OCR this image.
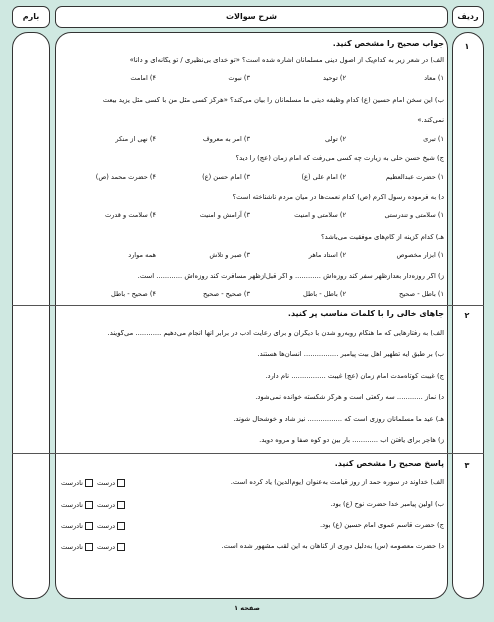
ردیف
شرح سوالات
بارم
۱
جواب صحیح را مشخص کنید.
الف) در شعر زیر به کدام‌یک از اصول دینی مسلمانان اشاره شده است؟ «تو خدای بی‌نظیری / تو یگانه‌ای و دانا»
۱) معاد
۲) توحید
۳) نبوت
۴) امامت
ب) این سخن امام حسین (ع) کدام وظیفه دینی ما مسلمانان را بیان می‌کند؟ «هرگز کسی مثل من با کسی مثل یزید بیعت
نمی‌کند.»
۱) تبری
۲) تولی
۳) امر به معروف
۴) نهی از منکر
ج) شیخ حسن حلی به زیارت چه کسی می‌رفت که امام زمان (عج) را دید؟
۱) حضرت عبدالعظیم
۲) امام علی (ع)
۳) امام حسن (ع)
۴) حضرت محمد (ص)
د) به فرموده رسول اکرم (ص) کدام نعمت‌ها در میان مردم ناشناخته است؟
۱) سلامتی و تندرستی
۲) سلامتی و امنیت
۳) آرامش و امنیت
۴) سلامت و قدرت
هـ) کدام گزینه از گام‌های موفقیت می‌باشد؟
۱) ابزار مخصوص
۲) استاد ماهر
۳) صبر و تلاش
همه موارد
ز) اگر روزه‌دار بعدازظهر سفر کند روزه‌اش ............ و اگر قبل‌ازظهر مسافرت کند روزه‌اش ............ است.
۱) باطل - صحیح
۲) باطل - باطل
۳) صحیح - صحیح
۴) صحیح - باطل
۲
جاهای خالی را با کلمات مناسب پر کنید.
الف) به رفتارهایی که ما هنگام روبه‌رو شدن با دیگران و برای رعایت ادب در برابر آنها انجام می‌دهیم ............ می‌گویند.
ب) بر طبق آیه تطهیر اهل بیت پیامبر ................ انسان‌ها هستند.
ج) غیبت کوتاه‌مدت امام زمان (عج) غیبت ................ نام دارد.
د) نماز ............ سه رکعتی است و هرگز شکسته خوانده نمی‌شود.
هـ) عید ما مسلمانان روزی است که ................ نیز شاد و خوشحال شوند.
ز) هاجر برای یافتن آب ............ بار بین دو کوه صفا و مروه دوید.
۳
پاسخ صحیح را مشخص کنید.
الف) خداوند در سوره حمد از روز قیامت به‌عنوان (یوم‌الدین) یاد کرده است.
درست
نادرست
ب) اولین پیامبر خدا حضرت نوح (ع) بود.
درست
نادرست
ج) حضرت قاسم عموی امام حسین (ع) بود.
درست
نادرست
د) حضرت معصومه (س) به‌دلیل دوری از گناهان به این لقب مشهور شده است.
درست
نادرست
صفحه ۱
